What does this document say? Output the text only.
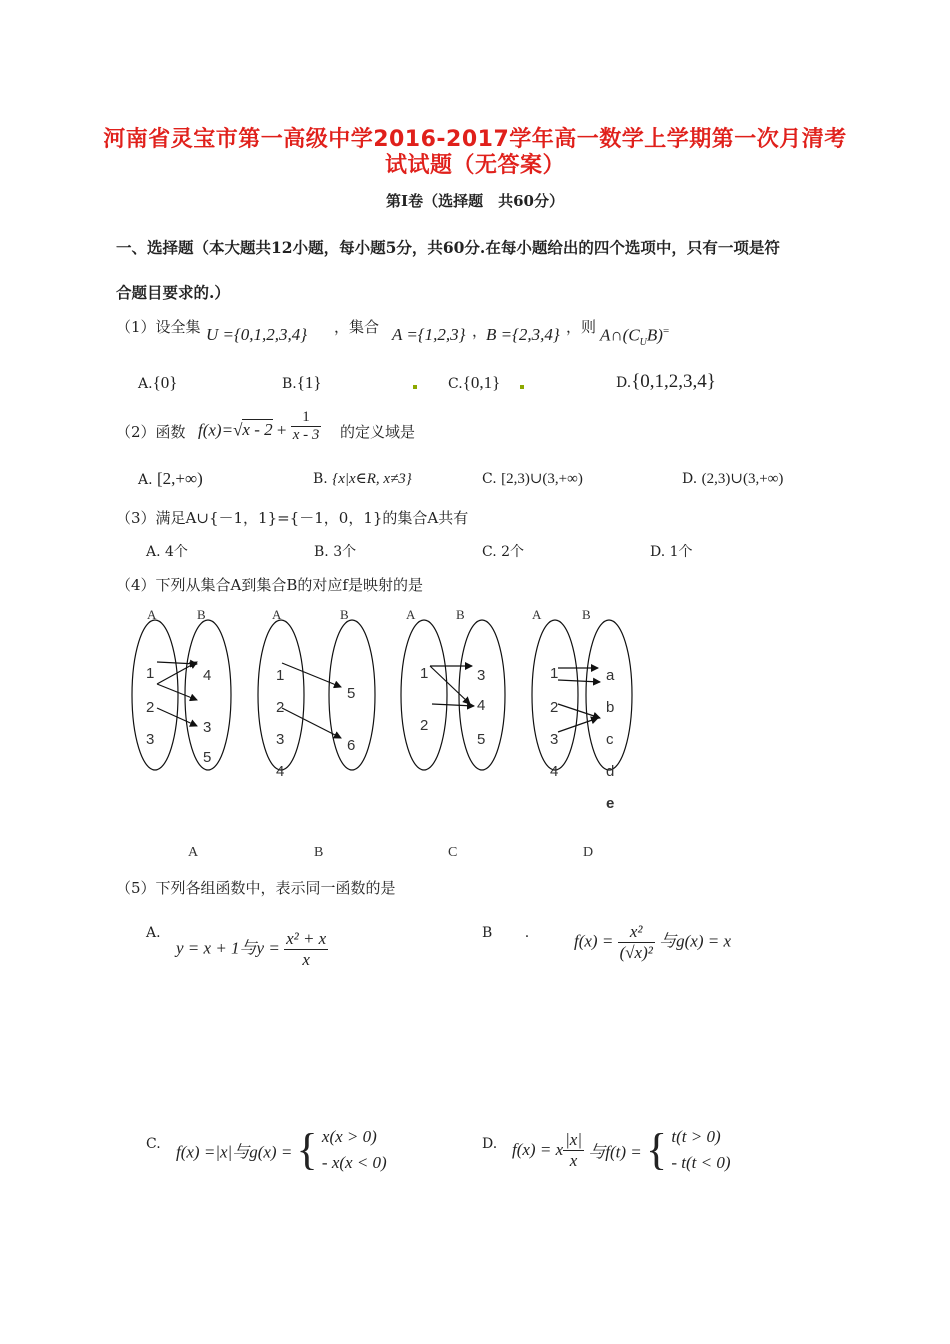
河南省灵宝市第一高级中学2016-2017学年高一数学上学期第一次月清考
试试题（无答案）
第Ⅰ卷（选择题　共60分）
一、选择题（本大题共12小题，每小题5分，共60分.在每小题给出的四个选项中，只有一项是符
合题目要求的.）
（1）设全集 U ={0,1,2,3,4} ，集合 A ={1,2,3} ，
B ={2,3,4} ，则 $A\cap(C_UB)^=$
A.{0}	B.{1}	C.{0,1}	D.{0,1,2,3,4}
（2）函数 $f(x)=√x - 2 + \frac{1}{x - 3}$ 的定义域是
A. [2,+∞)	B. {x|x∈R, x≠3}	C. [2,3)∪(3,+∞)	D. (2,3)∪(3,+∞)
（3）满足A∪{－1，1}={－1，0，1}的集合A共有
A. 4个	B. 3个	C. 2个	D. 1个
（4）下列从集合A到集合B的对应f是映射的是
A	B	A	B	A	B	A	B
1
2
3
4
3
5
1
2
3
4
5
6
1
2
3
4
5
1
2
3
4
a
b
c
d
e
A	B	C	D
（5）下列各组函数中，表示同一函数的是
A.
y = x + 1与$y = \frac{\text{x² + x}}{x}$	B .	$f(x) = \frac{\text{x²}}{\text{(√x)²}}$ 与g(x) = x
C. f(x) =|x|与g(x) = { x(x > 0)
- x(x < 0)
D. f(x) = x $\frac{|x|}{x}$ 与f(t) = { t(t > 0)
- t(t < 0)
